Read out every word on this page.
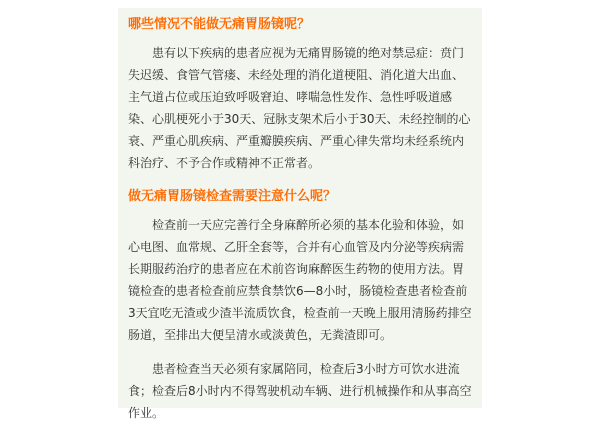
哪些情况不能做无痛胃肠镜呢？
患有以下疾病的患者应视为无痛胃肠镜的绝对禁忌症：贲门失迟缓、食管气管瘘、未经处理的消化道梗阻、消化道大出血、主气道占位或压迫致呼吸窘迫、哮喘急性发作、急性呼吸道感染、心肌梗死小于30天、冠脉支架术后小于30天、未经控制的心衰、严重心肌疾病、严重瓣膜疾病、严重心律失常均未经系统内科治疗、不予合作或精神不正常者。
做无痛胃肠镜检查需要注意什么呢？
检查前一天应完善行全身麻醉所必须的基本化验和体验，如心电图、血常规、乙肝全套等，合并有心血管及内分泌等疾病需长期服药治疗的患者应在术前咨询麻醉医生药物的使用方法。胃镜检查的患者检查前应禁食禁饮6—8小时，肠镜检查患者检查前3天宜吃无渣或少渣半流质饮食，检查前一天晚上服用清肠药排空肠道，至排出大便呈清水或淡黄色，无粪渣即可。
患者检查当天必须有家属陪同，检查后3小时方可饮水进流食；检查后8小时内不得驾驶机动车辆、进行机械操作和从事高空作业。
